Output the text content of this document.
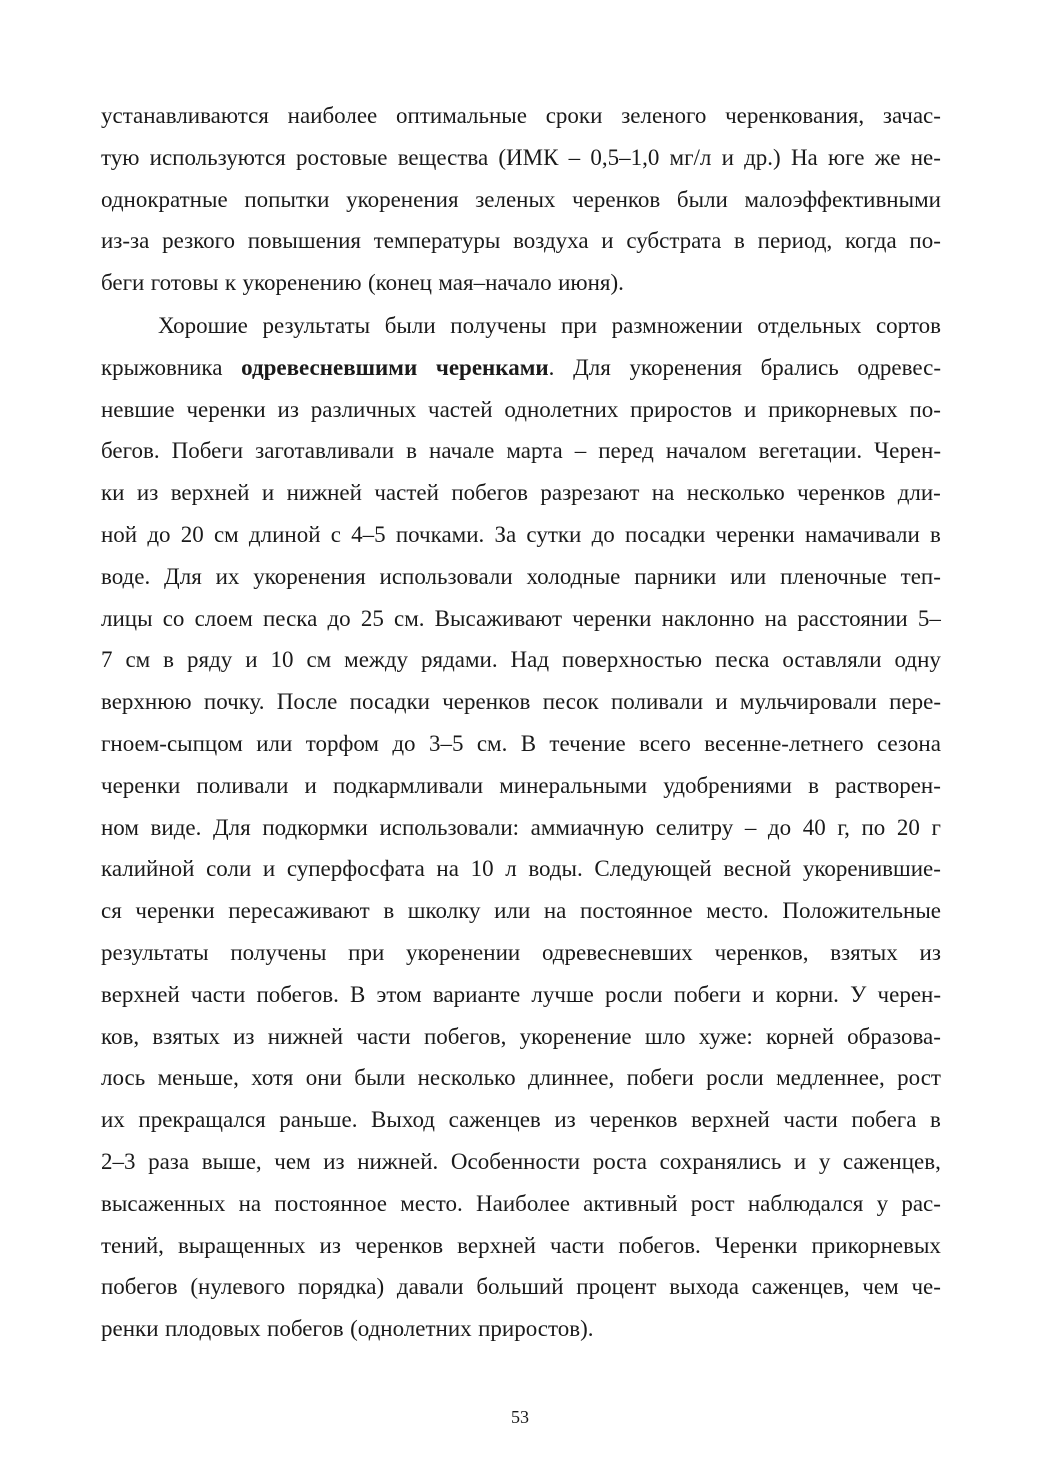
устанавливаются наиболее оптимальные сроки зеленого черенкования, зачас-
тую используются ростовые вещества (ИМК – 0,5–1,0 мг/л и др.) На юге же не-
однократные попытки укоренения зеленых черенков были малоэффективными
из-за резкого повышения температуры воздуха и субстрата в период, когда по-
беги готовы к укоренению (конец мая–начало июня).
Хорошие результаты были получены при размножении отдельных сортов
крыжовника одревесневшими черенками. Для укоренения брались одревес-
невшие черенки из различных частей однолетних приростов и прикорневых по-
бегов. Побеги заготавливали в начале марта – перед началом вегетации. Черен-
ки из верхней и нижней частей побегов разрезают на несколько черенков дли-
ной до 20 см длиной с 4–5 почками. За сутки до посадки черенки намачивали в
воде. Для их укоренения использовали холодные парники или пленочные теп-
лицы со слоем песка до 25 см. Высаживают черенки наклонно на расстоянии 5–
7 см в ряду и 10 см между рядами. Над поверхностью песка оставляли одну
верхнюю почку. После посадки черенков песок поливали и мульчировали пере-
гноем-сыпцом или торфом до 3–5 см. В течение всего весенне-летнего сезона
черенки поливали и подкармливали минеральными удобрениями в растворен-
ном виде. Для подкормки использовали: аммиачную селитру – до 40 г, по 20 г
калийной соли и суперфосфата на 10 л воды. Следующей весной укоренившие-
ся черенки пересаживают в школку или на постоянное место. Положительные
результаты получены при укоренении одревесневших черенков, взятых из
верхней части побегов. В этом варианте лучше росли побеги и корни. У черен-
ков, взятых из нижней части побегов, укоренение шло хуже: корней образова-
лось меньше, хотя они были несколько длиннее, побеги росли медленнее, рост
их прекращался раньше. Выход саженцев из черенков верхней части побега в
2–3 раза выше, чем из нижней. Особенности роста сохранялись и у саженцев,
высаженных на постоянное место. Наиболее активный рост наблюдался у рас-
тений, выращенных из черенков верхней части побегов. Черенки прикорневых
побегов (нулевого порядка) давали больший процент выхода саженцев, чем че-
ренки плодовых побегов (однолетних приростов).
53
